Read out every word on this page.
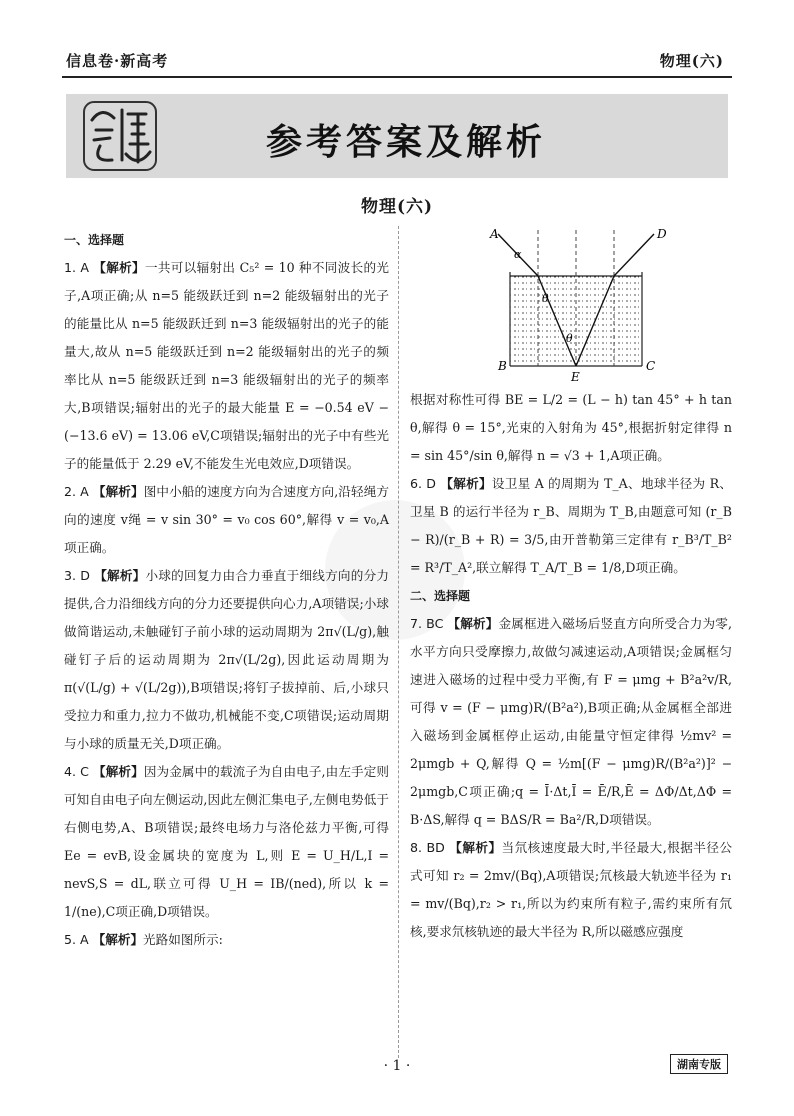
信息卷·新高考	物理(六)
参考答案及解析
物理(六)
一、选择题

1. A 【解析】一共可以辐射出 C₅² = 10 种不同波长的光子,A项正确;从 n=5 能级跃迁到 n=2 能级辐射出的光子的能量比从 n=5 能级跃迁到 n=3 能级辐射出的光子的能量大,故从 n=5 能级跃迁到 n=2 能级辐射出的光子的频率比从 n=5 能级跃迁到 n=3 能级辐射出的光子的频率大,B项错误;辐射出的光子的最大能量 E = −0.54 eV − (−13.6 eV) = 13.06 eV,C项错误;辐射出的光子中有些光子的能量低于 2.29 eV,不能发生光电效应,D项错误。

2. A 【解析】图中小船的速度方向为合速度方向,沿轻绳方向的速度 v绳 = v sin 30° = v₀ cos 60°,解得 v = v₀,A项正确。

3. D 【解析】小球的回复力由合力垂直于细线方向的分力提供,合力沿细线方向的分力还要提供向心力,A项错误;小球做简谐运动,未触碰钉子前小球的运动周期为 2π√(L/g),触碰钉子后的运动周期为 2π√(L/2g),因此运动周期为 π(√(L/g) + √(L/2g)),B项错误;将钉子拔掉前、后,小球只受拉力和重力,拉力不做功,机械能不变,C项错误;运动周期与小球的质量无关,D项正确。

4. C 【解析】因为金属中的载流子为自由电子,由左手定则可知自由电子向左侧运动,因此左侧汇集电子,左侧电势低于右侧电势,A、B项错误;最终电场力与洛伦兹力平衡,可得 Ee = evB,设金属块的宽度为 L,则 E = U_H/L,I = nevS,S = dL,联立可得 U_H = IB/(ned),所以 k = 1/(ne),C项正确,D项错误。

5. A 【解析】光路如图所示:

A	D
B	C
E
α
θ
θ

根据对称性可得 BE = L/2 = (L − h) tan 45° + h tan θ,解得 θ = 15°,光束的入射角为 45°,根据折射定律得 n = sin 45°/sin θ,解得 n = √3 + 1,A项正确。

6. D 【解析】设卫星 A 的周期为 T_A、地球半径为 R、卫星 B 的运行半径为 r_B、周期为 T_B,由题意可知 (r_B − R)/(r_B + R) = 3/5,由开普勒第三定律有 r_B³/T_B² = R³/T_A²,联立解得 T_A/T_B = 1/8,D项正确。

二、选择题

7. BC 【解析】金属框进入磁场后竖直方向所受合力为零,水平方向只受摩擦力,故做匀减速运动,A项错误;金属框匀速进入磁场的过程中受力平衡,有 F = μmg + B²a²v/R,可得 v = (F − μmg)R/(B²a²),B项正确;从金属框全部进入磁场到金属框停止运动,由能量守恒定律得 ½mv² = 2μmgb + Q,解得 Q = ½m[(F − μmg)R/(B²a²)]² − 2μmgb,C项正确;q = Ī·Δt,Ī = Ē/R,Ē = ΔΦ/Δt,ΔΦ = B·ΔS,解得 q = BΔS/R = Ba²/R,D项错误。

8. BD 【解析】当氘核速度最大时,半径最大,根据半径公式可知 r₂ = 2mv/(Bq),A项错误;氘核最大轨迹半径为 r₁ = mv/(Bq),r₂ > r₁,所以为约束所有粒子,需约束所有氘核,要求氘核轨迹的最大半径为 R,所以磁感应强度

· 1 ·	湖南专版
